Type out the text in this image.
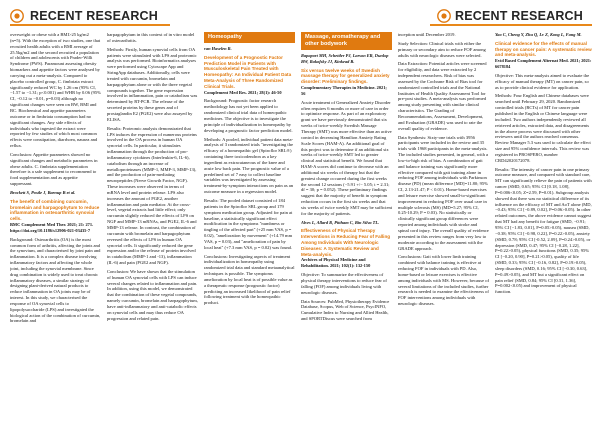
RECENT RESEARCH	RECENT RESEARCH

overweight or obese with a BMI>25 kg/m2 (n=5). With the exception of two studies, one that recruited health adults with a BMI average of 25.5kg/m2 and the second recruited a population of children and adolescents with Prader-Willi Syndrome (PWS). Paramount assessing obesity biomarkers and appetite factors were analysed by carrying out a meta-analysis. Compared to placebo controlled group, C. fimbriata extract significantly reduced WC by 1.26 cm (95% CI, −1.57 to −1.31; p<0.001) and WHR by 0.06 (95% CI, −0.12 to −0.01, p=0.03) although no significant changes were seen on BW, BMI and BC. Biochemical and appetite parameters outcome or in fimbriata consumption had no significant changes. Any side effects of individuals who ingested the extract were reported by few studies of which most common effects were constipation, diarrhoea, nausea and reflux.

Conclusion: Appetite parameters showed no significant changes and metabolic parameters in obese adults. C. fimbriata supplementation therefore is a safe supplement to recommend to food supplementation and as appetite suppressant.

Brockett S, Postle J, Barnup B et al.

The benefit of combining curcumin, bromelain and harpagophytum to reduce inflammation in osteoarthritic synovial cells.

BMC Complement Med Ther. 2021; 21: 271. https://doi.org/10.1186/s12906-021-03435-7

Background: Osteoarthritis (OA) is the most common form of arthritis, affecting the joints and the synovium, and characterised by joint pain and inflammation. It is a complex disease involving inflammatory factors and affecting the whole joint, including the synovial membrane. Since drug combination is widely used to treat chronic inflammatory diseases, a similar strategy of designing plant-derived natural products to reduce inflammation in OA joints may be of interest. In this study, we characterised the response of OA synovial cells to lipopolysaccharide (LPS) and investigated the biological action of the combination of curcumin, bromelain and

harpagophytum in this context of in vitro model of osteoarthritis.

Methods: Firstly, human synovial cells from OA patients were stimulated with LPS and proteomic analysis was performed. Bioinformatics analyses were performed using Cytoscape App and StringApp databases. Additionally, cells were treated with curcumin, bromelain and harpagophytum alone or with the three vegetal compounds together. The gene expression involved in inflammation, pain or catabolism was determined by RT-PCR. The release of the secreted proteins by these genes and of prostaglandin E2 (PGE2) were also assayed by ELISA.

Results: Proteomic analysis demonstrated that LPS induces the expression of numerous proteins involved in the OA process in human OA synovial cells. In particular, it stimulates inflammation through the production of pro-inflammatory cytokines (Interleukin-6, IL-6), catabolism through an increase of metalloproteinases (MMP-1, MMP-3, MMP-13), and the production of pain-mediating neuropeptides (Nerve Growth Factor, NGF). These increases were observed in terms of mRNA level and protein release. LPS also increases the amount of PGE2, another inflammation and pain mediator. At the cross-level, vegetal extracts had little effect; only curcumin slightly reduced the effects of LPS on NGF and MMP-13 mRNAs, and PGE2, IL-6 and MMP-13 release. In contrast, the combination of curcumin with bromelain and harpagophytum reversed the effects of LPS in human OA synovial cells. It significantly reduced the gene expression and/or the release of protein involved in catabolism (MMP-1 and -13), inflammation (IL-6) and pain (PGE2 and NGF).

Conclusion: We have shown that the stimulation of human OA synovial cells with LPS can induce several changes related to inflammation and pain. In addition, using this model, we demonstrated that the combination of these vegetal compounds, namely curcumin, bromelain and harpagophytum, have anti-inflammatory and anti-catabolic effects on synovial cells and may thus reduce OA progression and related pain.

Homeopathy

van Haselen R.

Development of a Prognostic Factor Prediction Model in Patients with Musculoskeletal Pain Treated with Homeopathy: An Individual Patient Data Meta-Analysis of Three Randomized Clinical Trials.

Complement Med Res. 2021; 28(1): 46-50

Background: Prognostic factor research methodology has not yet been applied to randomized clinical trial data of homeopathic medicines. The objective is to investigate the principle of individualization in homeopathy by developing a prognostic factor prediction model.

Methods: A pooled, individual patient data meta-analysis of 3 randomized trials "investigating the efficacy of a homeopathic gel (Spiroflor SRL®) containing three toxicodendron as a key ingredient as extracutaneous of the knee and acute low back pain. The prognostic value of a predefined set of 7 easy to collect baseline variables was investigated by assessing treatment-by-symptom interactions on pain as an outcome measure in a regression model.

Results: The pooled dataset consisted of 184 patients in the Spiroflor SRL group and 179 symptom medication group. Adjusted for pain at baseline, a statistically significant effect modification in the symptoms "numbness or tingling of the affected part" (+25 mm VAS, p = 0.02), "amelioration by movement" (+14.79 mm VAS, p = 0.03), and "amelioration of pain by local heat" (+7.3 mm VAS, p = 0.02) was found.

Conclusions: Investigating aspects of treatment individualization in homeopathy using randomized trial data and standard metaanalytical techniques is possible. The symptoms amelioration by local heat is of possible value as a therapeutic response (prognostic factor) predicting an increased likelihood of pain relief following treatment with the homeopathic product.

Massage, aromatherapy and other bodywork

Rapaport MH, Schettler PJ, Larson ER, Dunlop BW, Rakofsky JJ, Kinkead B.

Six versus twelve weeks of Swedish massage therapy for generalized anxiety disorder: Preliminary findings.

Complementary Therapies in Medicine. 2021; 56

Acute treatment of Generalized Anxiety Disorder often requires 6 months or more of care in order to optimize response. As part of an exploratory grant we have previously demonstrated that six weeks of twice-weekly Swedish Massage Therapy (SMT) was more effective than an active control in decreasing Hamilton Anxiety Rating Scale Scores (HAM-A). An additional goal of this project was to determine if an additional six weeks of twice-weekly SMT led to greater clinical and statistical benefit. We found that HAM-A scores did continue to decrease with an additional six weeks of therapy but that the greatest change occurred during the first weeks the second 12 sessions (−5.91 +/− 5.05; t = 2.31; df = 30; p = 0.052). These preliminary findings suggest that the majority of benefit in symptom reduction occurs in the first six weeks and that six weeks of twice weekly SMT may be sufficient for the majority of patients.

Alves L, Allard R, Pittham C, Bin Silva TL.

Effectiveness of Physical Therapy Interventions in Reducing Fear of Falling Among Individuals With Neurologic Diseases: A Systematic Review and Meta-analysis.

Archives of Physical Medicine and Rehabilitation. 2021; 102(1): 132-150

Objective: To summarize the effectiveness of physical therapy interventions to reduce fear of falling (FOF) among individuals living with neurologic diseases.

Data Sources: PubMed, Physiotherapy Evidence Database, Scopus, Web of Science, PsycINFO, Cumulative Index to Nursing and Allied Health, and SPORTDiscus were searched from

inception until December 2019.

Study Selection: Clinical trials with either the primary or secondary aim to reduce FOF among adults with neurologic diseases were selected.

Data Extraction: Potential articles were screened for eligibility, and data were extracted by 2 independent researchers. Risk of bias was assessed by the Cochrane Risk of Bias tool for randomized controlled trials and the National Institutes of Health Quality Assessment Tool for pre-post studies. A meta-analysis was performed among study presenting with similar clinical characteristics. The Grading of Recommendations, Assessment, Development, and Evaluation (GRADE) was used to rate the overall quality of evidence.

Data Synthesis: Sixty-one trials with 3956 participants were included in the review and 35 trials with 1968 participants in the meta-analysis. The included studies presented, in general, with a low-to-high risk of bias. A combination of gait and balance training was significantly more effective compared with gait training alone in reducing FOF among individuals with Parkinson disease (PD) (mean difference [MD]=11.80; 95% CI, 2.13-21.47; P < 0.01). Home-based exercises and leisure exercise showed small-to-significant improvement in reducing FOF over usual care in multiple sclerosis (MS) (MD=5.27; 95% CI, 0.25-10.29; P = 0.03). No statistically or clinically significant group differences were reported among individuals with stroke and spinal cord injury. The overall quality of evidence presented in this review ranges from very low to moderate according to the assessment with the GRADE approach.

Conclusions: Gait with lower limb training combined with balance training is effective at reducing FOF in individuals with PD. Also, home-based or leisure exercises is effective among individuals with MS. However, because of several limitations of the included studies, further research is needed to examine the effectiveness of FOF interventions among individuals with neurologic diseases.

Yao C, Cheng Y, Zhu Q, Lv Z, Kong L, Fang M.

Clinical evidence for the effects of manual therapy on cancer pain: A systematic review and meta-analysis.

Evid Based Complement Alternat Med. 2021; 2021: 6678184

Objective: This meta-analysis aimed to evaluate the efficacy of manual therapy (MT) on cancer pain, so as to provide clinical evidence for application.

Methods: Four English and Chinese databases were searched until February 29, 2020. Randomized controlled trials (RCTs) of MT for cancer pain published in the English or Chinese language were included. Two authors independently reviewed all retrieved articles, extracted data, and disagreements in the above process were discussed with other reviewers until the authors reached consensus. Review Manager 5.3 was used to calculate the effect size and 95% confidence intervals. This review was registered in PROSPERO, number CRD42020172078.

Results: The intensity of cancer pain in one primary outcome measure, and compared with standard care, MT can significantly relieve the pain of patients with cancer (SMD, 0.65; 95% CI [0.18, 1.08], P=0.006<0.05; Z=2.59, P=0.01). Subgroup analysis showed that there was no statistical difference of its influence on the efficacy of MT and AoT alone (MD, −0.43; 95% CI [−0.89, 0.02], P=0.06>0.05). In other related outcomes, the above evidence cannot suggest that MT had any benefit for fatigue (SMD, −0.91; 95% CI [−1.83, 0.01], P=0.05>0.05), nausea (SMD, −0.38; 95% CI [−0.98, 0.22], P=0.22>0.05), anxiety (SMD, 0.78; 95% CI [-0.52, 2.09], P=0.24>0.05), or depression (SMD, 0.47; 95% CI [−0.28, 1.22], P=0.22>0.05), physical functions (SMD, 0.35; 95% CI [−0.20, 0.90], P=0.21>0.05), quality of life (SMD, 0.33; 95% CI [−0.16, 0.82], P=0.19>0.05), sleep disorders (SMD, 0.16; 95% CI [−0.30, 0.63], P=0.49>0.05), and MT but a significant effect on pain relief (SMD, 0.84; 95% CI [0.31, 1.36], P=0.002<0.05) and improvement of physical function.
